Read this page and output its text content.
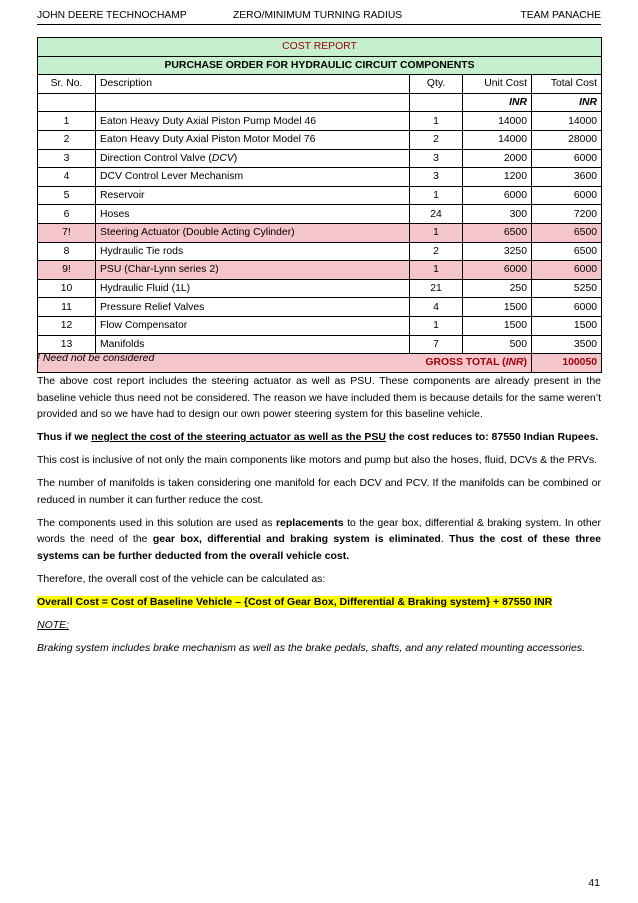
JOHN DEERE TECHNOCHAMP	ZERO/MINIMUM TURNING RADIUS	TEAM PANACHE
COST REPORT				
PURCHASE ORDER FOR HYDRAULIC CIRCUIT COMPONENTS				
Sr. No.	Description	Qty.	Unit Cost	Total Cost
			INR	INR
1	Eaton Heavy Duty Axial Piston Pump Model 46	1	14000	14000
2	Eaton Heavy Duty Axial Piston Motor Model 76	2	14000	28000
3	Direction Control Valve (DCV)	3	2000	6000
4	DCV Control Lever Mechanism	3	1200	3600
5	Reservoir	1	6000	6000
6	Hoses	24	300	7200
7!	Steering Actuator (Double Acting Cylinder)	1	6500	6500
8	Hydraulic Tie rods	2	3250	6500
9!	PSU (Char-Lynn series 2)	1	6000	6000
10	Hydraulic Fluid (1L)	21	250	5250
11	Pressure Relief Valves	4	1500	6000
12	Flow Compensator	1	1500	1500
13	Manifolds	7	500	3500
GROSS TOTAL (INR)				100050

! Need not be considered

The above cost report includes the steering actuator as well as PSU. These components are already present in the baseline vehicle thus need not be considered. The reason we have included them is because details for the same weren’t provided and so we have had to design our own power steering system for this baseline vehicle.

Thus if we neglect the cost of the steering actuator as well as the PSU the cost reduces to: 87550 Indian Rupees.

This cost is inclusive of not only the main components like motors and pump but also the hoses, fluid, DCVs & the PRVs.

The number of manifolds is taken considering one manifold for each DCV and PCV. If the manifolds can be combined or reduced in number it can further reduce the cost.

The components used in this solution are used as replacements to the gear box, differential & braking system. In other words the need of the gear box, differential and braking system is eliminated. Thus the cost of these three systems can be further deducted from the overall vehicle cost.

Therefore, the overall cost of the vehicle can be calculated as:

Overall Cost = Cost of Baseline Vehicle – {Cost of Gear Box, Differential & Braking system} + 87550 INR

NOTE:

Braking system includes brake mechanism as well as the brake pedals, shafts, and any related mounting accessories.

41
